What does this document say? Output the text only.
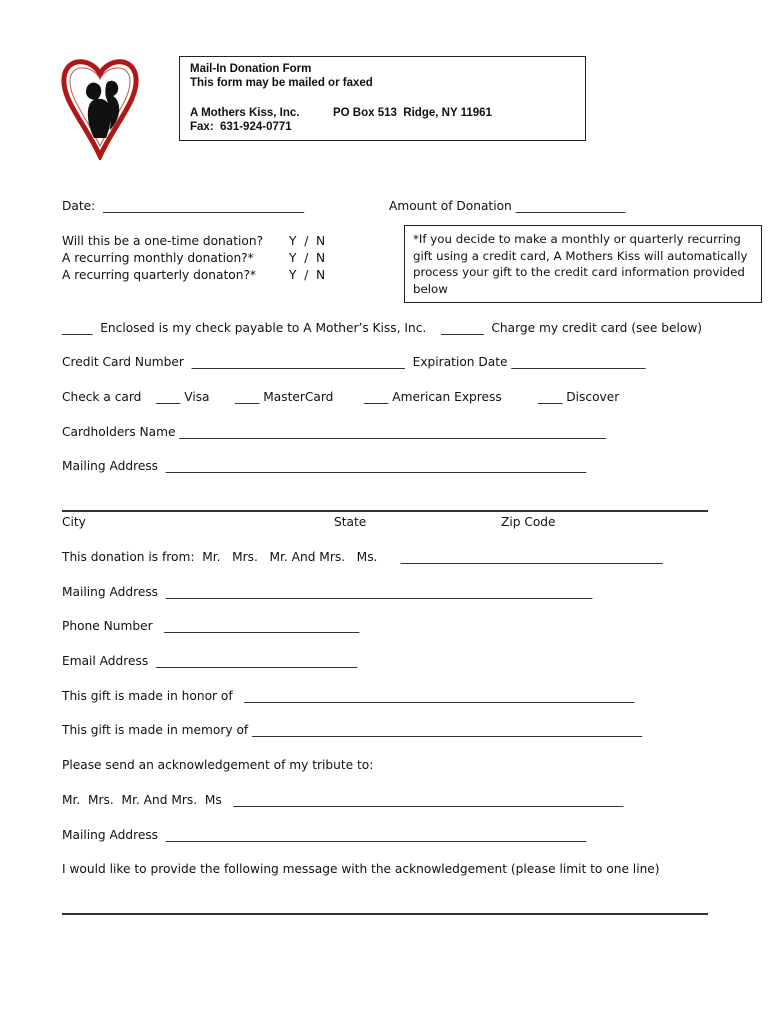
Mail-In Donation Form
This form may be mailed or faxed
A Mothers Kiss, Inc.	PO Box 513  Ridge, NY 11961
Fax:  631-924-0771
Date:  _________________________________	Amount of Donation __________________
Will this be a one-time donation? Y  /  N
A recurring monthly donation?*	Y  /  N
A recurring quarterly donaton?*	Y  /  N
*If you decide to make a monthly or quarterly recurring gift using a credit card, A Mothers Kiss will automatically process your gift to the credit card information provided below
_____  Enclosed is my check payable to A Mother’s Kiss, Inc. _______  Charge my credit card (see below)
Credit Card Number  ___________________________________  Expiration Date ______________________
Check a card ____ Visa ____ MasterCard	____ American Express	____ Discover
Cardholders Name ______________________________________________________________________
Mailing Address  _____________________________________________________________________
City	State	Zip Code
This donation is from:  Mr.   Mrs.   Mr. And Mrs.   Ms.      ___________________________________________
Mailing Address  ______________________________________________________________________
Phone Number   ________________________________
Email Address  _________________________________
This gift is made in honor of   ________________________________________________________________
This gift is made in memory of ________________________________________________________________
Please send an acknowledgement of my tribute to:
Mr.  Mrs.  Mr. And Mrs.  Ms   ________________________________________________________________
Mailing Address  _____________________________________________________________________
I would like to provide the following message with the acknowledgement (please limit to one line)
